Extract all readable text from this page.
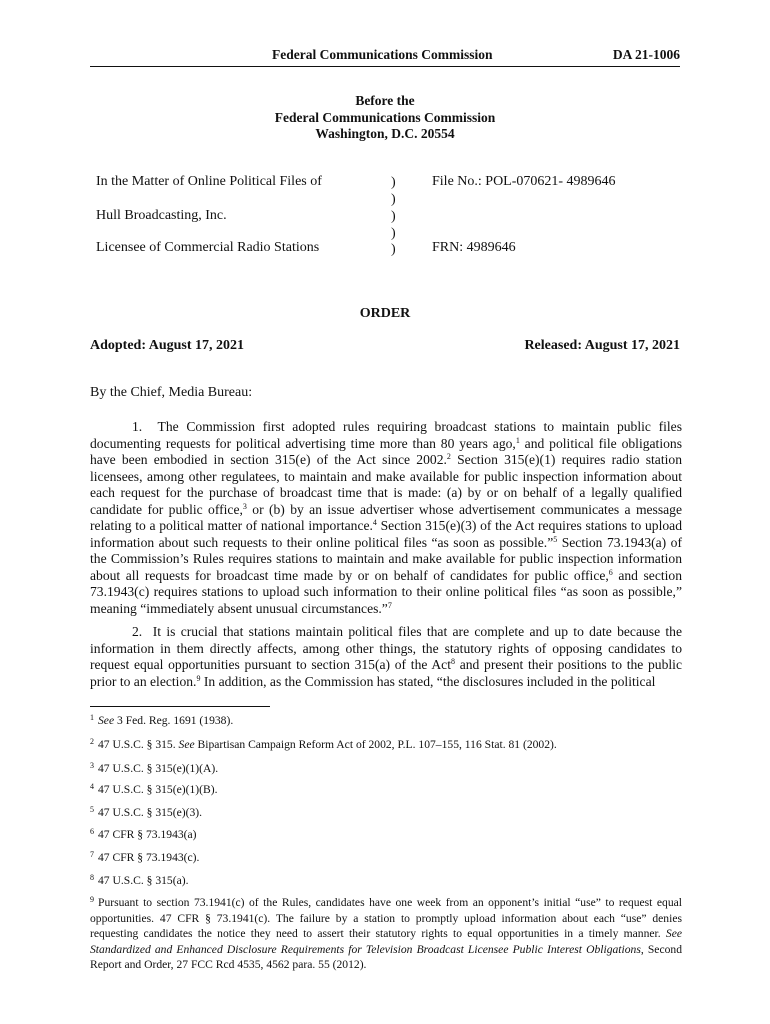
Federal Communications Commission	DA 21-1006
Before the
Federal Communications Commission
Washington, D.C. 20554
In the Matter of Online Political Files of
Hull Broadcasting, Inc.
Licensee of Commercial Radio Stations
)
)
)
)
)
File No.: POL-070621- 4989646
FRN: 4989646
ORDER
Adopted: August 17, 2021	Released: August 17, 2021
By the Chief, Media Bureau:
1. The Commission first adopted rules requiring broadcast stations to maintain public files documenting requests for political advertising time more than 80 years ago,$^1$ and political file obligations have been embodied in section 315(e) of the Act since 2002.$^2$ Section 315(e)(1) requires radio station licensees, among other regulatees, to maintain and make available for public inspection information about each request for the purchase of broadcast time that is made: (a) by or on behalf of a legally qualified candidate for public office,$^3$ or (b) by an issue advertiser whose advertisement communicates a message relating to a political matter of national importance.$^4$ Section 315(e)(3) of the Act requires stations to upload information about such requests to their online political files “as soon as possible.”$^5$ Section 73.1943(a) of the Commission’s Rules requires stations to maintain and make available for public inspection information about all requests for broadcast time made by or on behalf of candidates for public office,$^6$ and section 73.1943(c) requires stations to upload such information to their online political files “as soon as possible,” meaning “immediately absent unusual circumstances.”$^7$
2. It is crucial that stations maintain political files that are complete and up to date because the information in them directly affects, among other things, the statutory rights of opposing candidates to request equal opportunities pursuant to section 315(a) of the Act$^8$ and present their positions to the public prior to an election.$^9$ In addition, as the Commission has stated, “the disclosures included in the political
$^1$ See 3 Fed. Reg. 1691 (1938).
$^2$ 47 U.S.C. § 315. See Bipartisan Campaign Reform Act of 2002, P.L. 107–155, 116 Stat. 81 (2002).
$^3$ 47 U.S.C. § 315(e)(1)(A).
$^4$ 47 U.S.C. § 315(e)(1)(B).
$^5$ 47 U.S.C. § 315(e)(3).
$^6$ 47 CFR § 73.1943(a)
$^7$ 47 CFR § 73.1943(c).
$^8$ 47 U.S.C. § 315(a).
$^9$ Pursuant to section 73.1941(c) of the Rules, candidates have one week from an opponent’s initial “use” to request equal opportunities. 47 CFR § 73.1941(c). The failure by a station to promptly upload information about each “use” denies requesting candidates the notice they need to assert their statutory rights to equal opportunities in a timely manner. See Standardized and Enhanced Disclosure Requirements for Television Broadcast Licensee Public Interest Obligations, Second Report and Order, 27 FCC Rcd 4535, 4562 para. 55 (2012).
